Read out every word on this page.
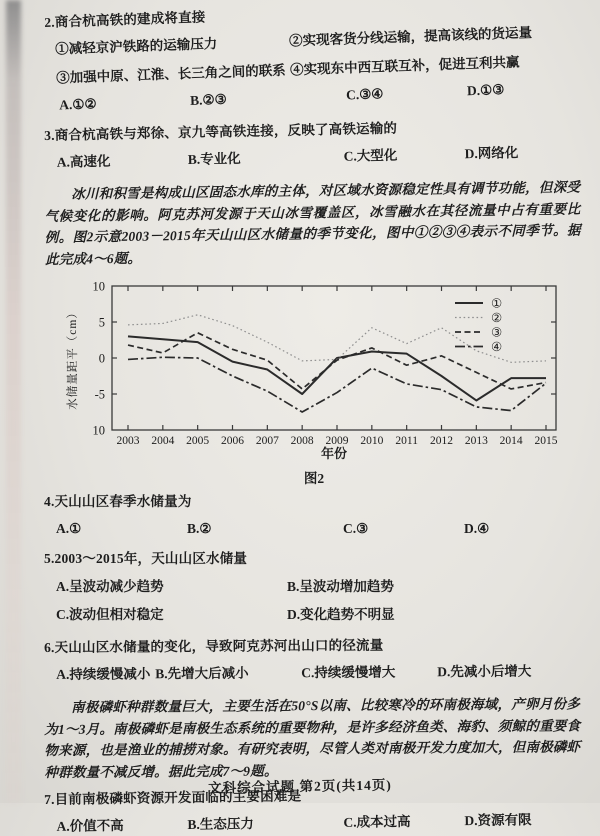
2.商合杭高铁的建成将直接
①减轻京沪铁路的运输压力	②实现客货分线运输，提高该线的货运量
③加强中原、江淮、长三角之间的联系 ④实现东中西互联互补，促进互利共赢
A.①②	B.②③	C.③④	D.①③
3.商合杭高铁与郑徐、京九等高铁连接，反映了高铁运输的
A.高速化	B.专业化	C.大型化	D.网络化
冰川和积雪是构成山区固态水库的主体，对区域水资源稳定性具有调节功能，但深受气候变化的影响。阿克苏河发源于天山冰雪覆盖区，冰雪融水在其径流量中占有重要比例。图2示意2003－2015年天山山区水储量的季节变化，图中①②③④表示不同季节。据此完成4～6题。
10
5
0
-5
10
2003 2004 2005 2006 2007 2008 2009 2010 2011 2012 2013 2014 2015
①
②
③
④
水储量距平（cm）
年份
图2
4.天山山区春季水储量为
A.①	B.②	C.③	D.④
5.2003～2015年，天山山区水储量
A.呈波动减少趋势	B.呈波动增加趋势
C.波动但相对稳定	D.变化趋势不明显
6.天山山区水储量的变化，导致阿克苏河出山口的径流量
A.持续缓慢减小 B.先增大后减小	C.持续缓慢增大	D.先减小后增大
南极磷虾种群数量巨大，主要生活在50°S以南、比较寒冷的环南极海域，产卵月份多为1～3月。南极磷虾是南极生态系统的重要物种，是许多经济鱼类、海豹、须鲸的重要食物来源，也是渔业的捕捞对象。有研究表明，尽管人类对南极开发力度加大，但南极磷虾种群数量不减反增。据此完成7～9题。
7.目前南极磷虾资源开发面临的主要困难是
A.价值不高	B.生态压力	C.成本过高	D.资源有限
文科综合试题 第2页(共14页)
